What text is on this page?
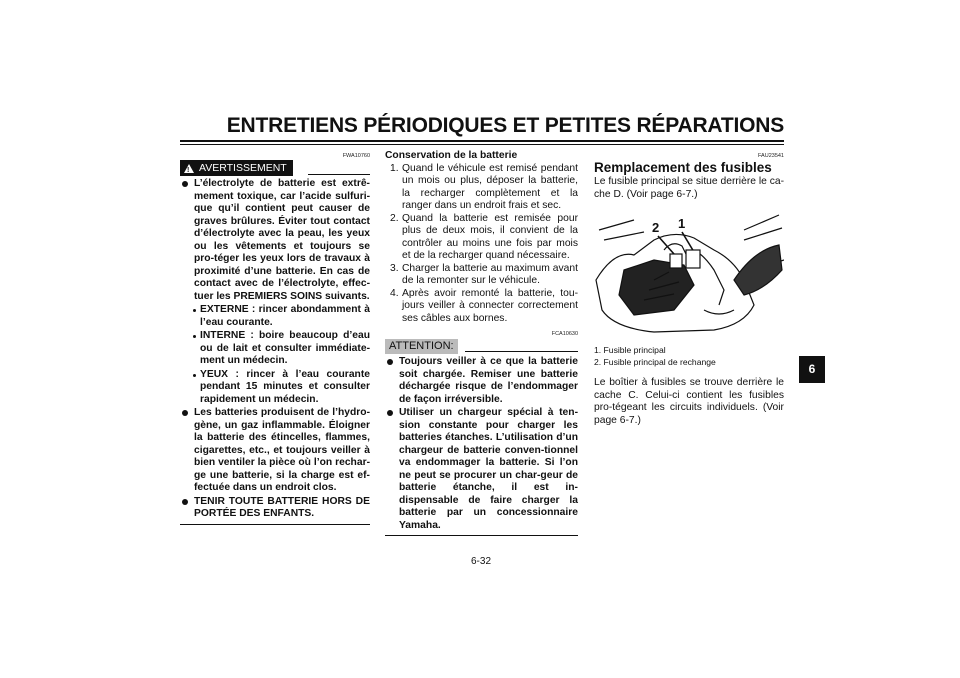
ENTRETIENS PÉRIODIQUES ET PETITES RÉPARATIONS
FWA10760
! AVERTISSEMENT
L’électrolyte de batterie est extrê-mement toxique, car l’acide sulfuri-que qu’il contient peut causer de graves brûlures. Éviter tout contact d’électrolyte avec la peau, les yeux ou les vêtements et toujours se pro-téger les yeux lors de travaux à proximité d’une batterie. En cas de contact avec de l’électrolyte, effec-tuer les PREMIERS SOINS suivants.
EXTERNE : rincer abondamment à l’eau courante.
INTERNE : boire beaucoup d’eau ou de lait et consulter immédiate-ment un médecin.
YEUX : rincer à l’eau courante pendant 15 minutes et consulter rapidement un médecin.
Les batteries produisent de l’hydro-gène, un gaz inflammable. Éloigner la batterie des étincelles, flammes, cigarettes, etc., et toujours veiller à bien ventiler la pièce où l’on rechar-ge une batterie, si la charge est ef-fectuée dans un endroit clos.
TENIR TOUTE BATTERIE HORS DE PORTÉE DES ENFANTS.
Conservation de la batterie
1. Quand le véhicule est remisé pendant un mois ou plus, déposer la batterie, la recharger complètement et la ranger dans un endroit frais et sec.
2. Quand la batterie est remisée pour plus de deux mois, il convient de la contrôler au moins une fois par mois et de la recharger quand nécessaire.
3. Charger la batterie au maximum avant de la remonter sur le véhicule.
4. Après avoir remonté la batterie, tou-jours veiller à connecter correctement ses câbles aux bornes.
FCA10630
ATTENTION:
Toujours veiller à ce que la batterie soit chargée. Remiser une batterie déchargée risque de l’endommager de façon irréversible.
Utiliser un chargeur spécial à ten-sion constante pour charger les batteries étanches. L’utilisation d’un chargeur de batterie conven-tionnel va endommager la batterie. Si l’on ne peut se procurer un char-geur de batterie étanche, il est in-dispensable de faire charger la batterie par un concessionnaire Yamaha.
FAU23541
Remplacement des fusibles
Le fusible principal se situe derrière le ca-che D. (Voir page 6-7.)
2 1
1. Fusible principal
2. Fusible principal de rechange
Le boîtier à fusibles se trouve derrière le cache C. Celui-ci contient les fusibles pro-tégeant les circuits individuels. (Voir page 6-7.)
6
6-32
